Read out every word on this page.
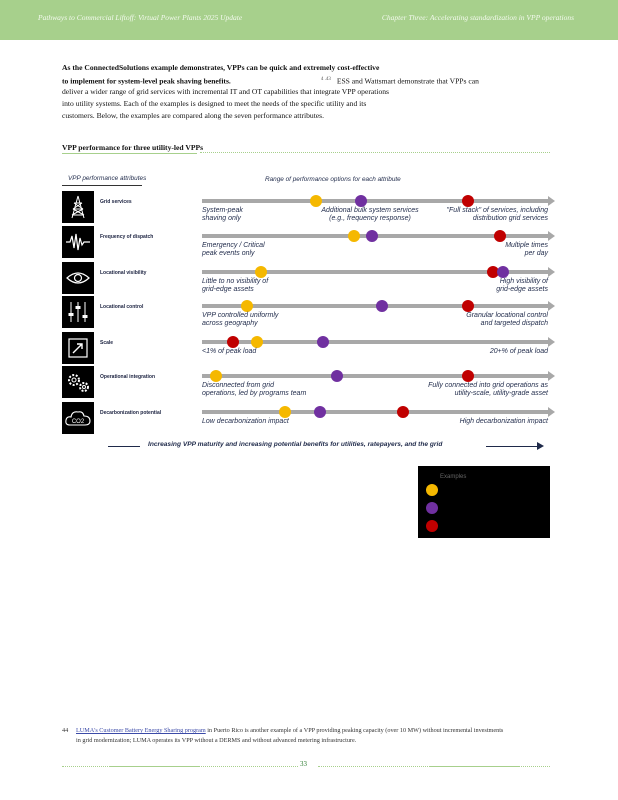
Pathways to Commercial Liftoff: Virtual Power Plants 2025 Update	Chapter Three: Accelerating standardization in VPP operations
As the ConnectedSolutions example demonstrates, VPPs can be quick and extremely cost-effective
to implement for system-level peak shaving benefits.	$^{4 .43}$ ESS and Wattsmart demonstrate that VPPs can
deliver a wider range of grid services with incremental IT and OT capabilities that integrate VPP operations
into utility systems. Each of the examples is designed to meet the needs of the specific utility and its
customers. Below, the examples are compared along the seven performance attributes.
VPP performance for three utility-led VPPs
VPP performance attributes	Range of performance options for each attribute
Grid services
System-peak
shaving only
Additional bulk system services
(e.g., frequency response)
"Full stack" of services, including
distribution grid services
Frequency of dispatch
Emergency / Critical
peak events only
Multiple times
per day
Locational visibility
Little to no visibility of
grid-edge assets
High visibility of
grid-edge assets
Locational control
VPP controlled uniformly
across geography
Granular locational control
and targeted dispatch
Scale
<1% of peak load	20+% of peak load
Operational integration
Disconnected from grid
operations, led by programs team
Fully connected into grid operations as
utility-scale, utility-grade asset
CO2
Decarbonization potential
Low decarbonization impact	High decarbonization impact
Increasing VPP maturity and increasing potential benefits for utilities, ratepayers, and the grid
Examples
44 LUMA's Customer Battery Energy Sharing program in Puerto Rico is another example of a VPP providing peaking capacity (over 10 MW) without incremental investments
in grid modernization; LUMA operates its VPP without a DERMS and without advanced metering infrastructure.
33
